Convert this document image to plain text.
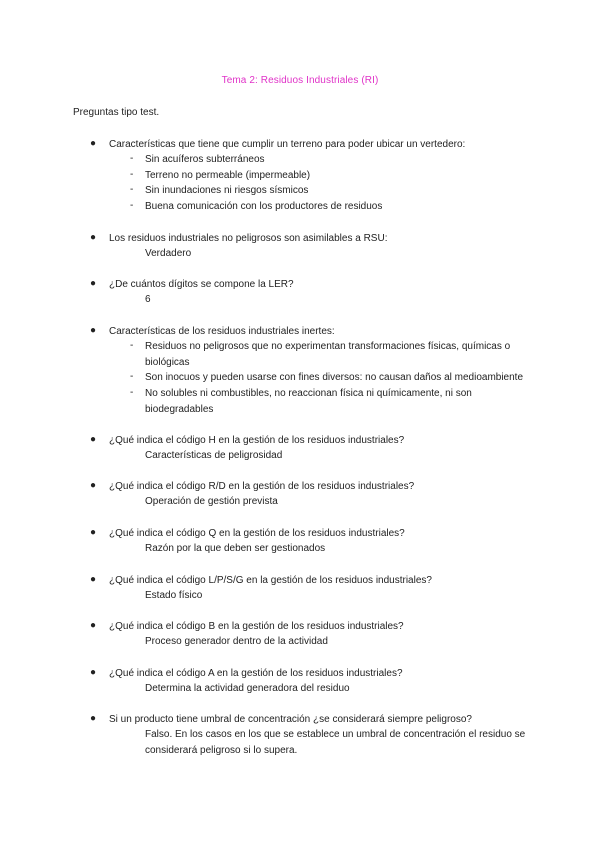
Tema 2: Residuos Industriales (RI)
Preguntas tipo test.
● Características que tiene que cumplir un terreno para poder ubicar un vertedero:
- Sin acuíferos subterráneos
- Terreno no permeable (impermeable)
- Sin inundaciones ni riesgos sísmicos
- Buena comunicación con los productores de residuos
● Los residuos industriales no peligrosos son asimilables a RSU:
Verdadero
● ¿De cuántos dígitos se compone la LER?
6
● Características de los residuos industriales inertes:
- Residuos no peligrosos que no experimentan transformaciones físicas, químicas o biológicas
- Son inocuos y pueden usarse con fines diversos: no causan daños al medioambiente
- No solubles ni combustibles, no reaccionan física ni químicamente, ni son biodegradables
● ¿Qué indica el código H en la gestión de los residuos industriales?
Características de peligrosidad
● ¿Qué indica el código R/D en la gestión de los residuos industriales?
Operación de gestión prevista
● ¿Qué indica el código Q en la gestión de los residuos industriales?
Razón por la que deben ser gestionados
● ¿Qué indica el código L/P/S/G en la gestión de los residuos industriales?
Estado físico
● ¿Qué indica el código B en la gestión de los residuos industriales?
Proceso generador dentro de la actividad
● ¿Qué indica el código A en la gestión de los residuos industriales?
Determina la actividad generadora del residuo
● Si un producto tiene umbral de concentración ¿se considerará siempre peligroso?
Falso. En los casos en los que se establece un umbral de concentración el residuo se considerará peligroso si lo supera.
